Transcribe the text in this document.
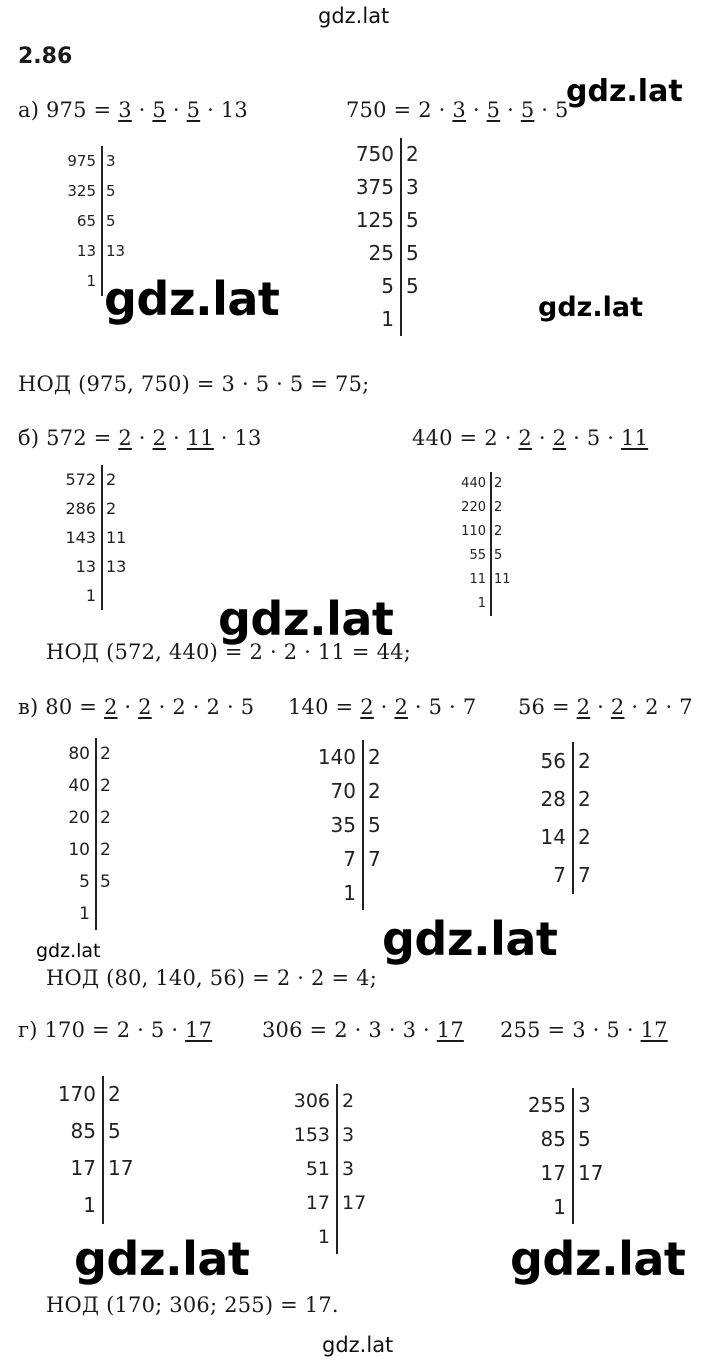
gdz.lat
2.86
а) 975 = 3 · 5 · 5 · 13	750 = 2 · 3 · 5 · 5 · 5
975 3
325 5
65 5
13 13
1
750 2
375 3
125 5
25 5
5 5
1
НОД (975, 750) = 3 · 5 · 5 = 75;
б) 572 = 2 · 2 · 11 · 13	440 = 2 · 2 · 2 · 5 · 11
572 2
286 2
143 11
13 13
1
440 2
220 2
110 2
55 5
11 11
1
НОД (572, 440) = 2 · 2 · 11 = 44;
в) 80 = 2 · 2 · 2 · 2 · 5 140 = 2 · 2 · 5 · 7 56 = 2 · 2 · 2 · 7
80 2
40 2
20 2
10 2
5 5
1
140 2
70 2
35 5
7 7
1
56 2
28 2
14 2
7 7
НОД (80, 140, 56) = 2 · 2 = 4;
г) 170 = 2 · 5 · 17 306 = 2 · 3 · 3 · 17 255 = 3 · 5 · 17
170 2
85 5
17 17
1
306 2
153 3
51 3
17 17
1
255 3
85 5
17 17
1
НОД (170; 306; 255) = 17.
gdz.lat
gdz.lat	gdz.lat
gdz.lat
gdz.lat	gdz.lat
gdz.lat	gdz.lat
gdz.lat
